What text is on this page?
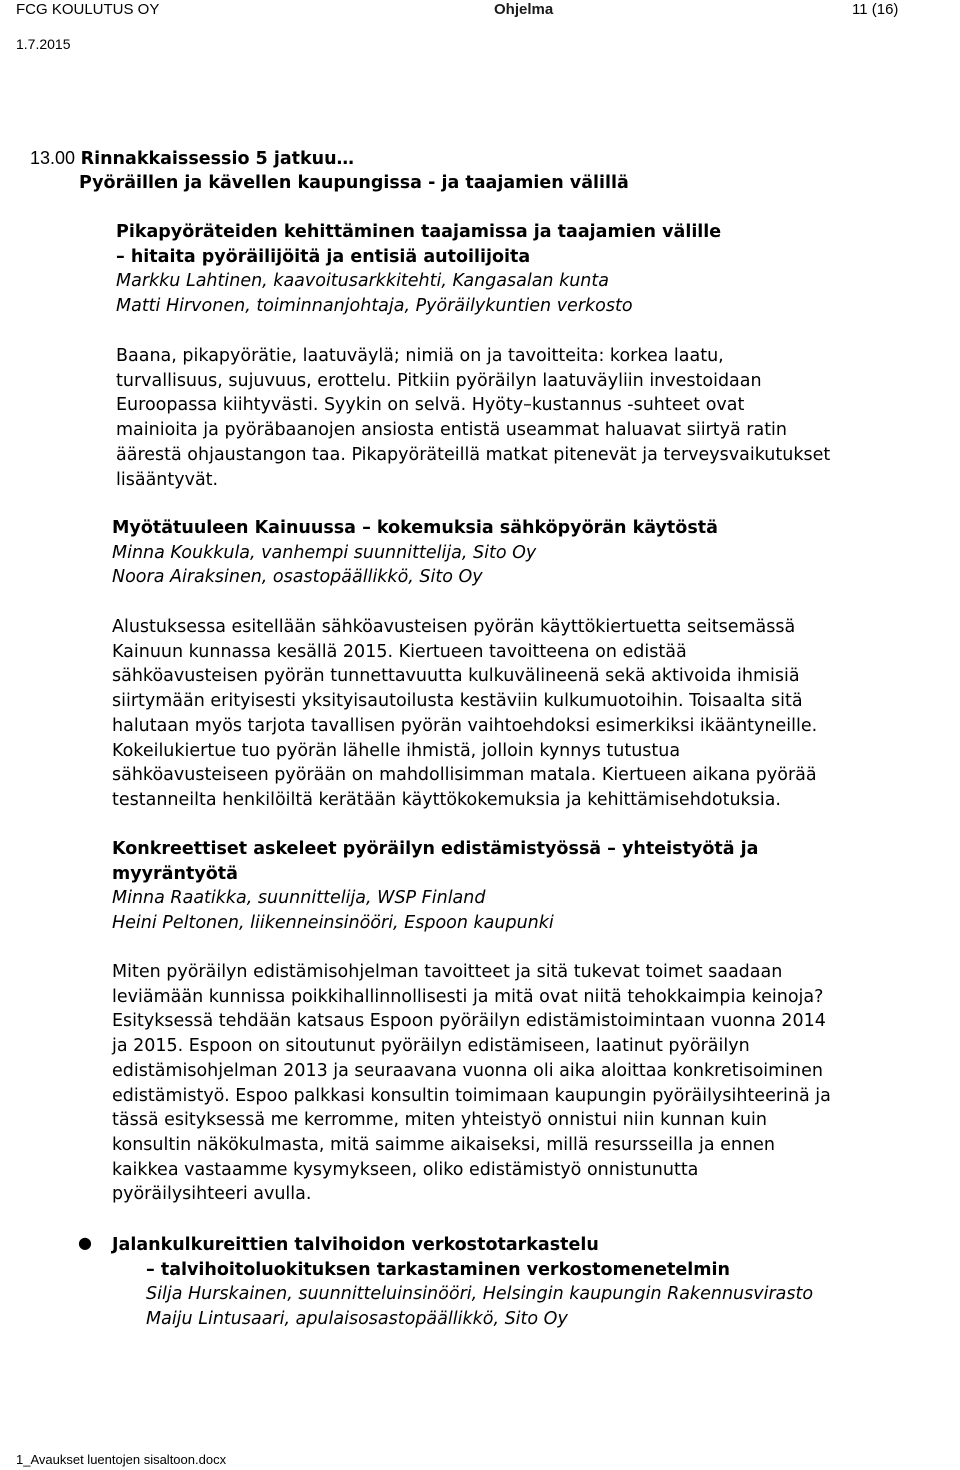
FCG KOULUTUS OY	Ohjelma	11 (16)
1.7.2015
13.00 Rinnakkaissessio 5 jatkuu…
Pyöräillen ja kävellen kaupungissa - ja taajamien välillä
Pikapyöräteiden kehittäminen taajamissa ja taajamien välille
– hitaita pyöräilijöitä ja entisiä autoilijoita
Markku Lahtinen, kaavoitusarkkitehti, Kangasalan kunta
Matti Hirvonen, toiminnanjohtaja, Pyöräilykuntien verkosto
Baana, pikapyörätie, laatuväylä; nimiä on ja tavoitteita: korkea laatu,
turvallisuus, sujuvuus, erottelu. Pitkiin pyöräilyn laatuväyliin investoidaan
Euroopassa kiihtyvästi. Syykin on selvä. Hyöty–kustannus -suhteet ovat
mainioita ja pyöräbaanojen ansiosta entistä useammat haluavat siirtyä ratin
äärestä ohjaustangon taa. Pikapyöräteillä matkat pitenevät ja terveysvaikutukset
lisääntyvät.
Myötätuuleen Kainuussa – kokemuksia sähköpyörän käytöstä
Minna Koukkula, vanhempi suunnittelija, Sito Oy
Noora Airaksinen, osastopäällikkö, Sito Oy
Alustuksessa esitellään sähköavusteisen pyörän käyttökiertuetta seitsemässä
Kainuun kunnassa kesällä 2015. Kiertueen tavoitteena on edistää
sähköavusteisen pyörän tunnettavuutta kulkuvälineenä sekä aktivoida ihmisiä
siirtymään erityisesti yksityisautoilusta kestäviin kulkumuotoihin. Toisaalta sitä
halutaan myös tarjota tavallisen pyörän vaihtoehdoksi esimerkiksi ikääntyneille.
Kokeilukiertue tuo pyörän lähelle ihmistä, jolloin kynnys tutustua
sähköavusteiseen pyörään on mahdollisimman matala. Kiertueen aikana pyörää
testanneilta henkilöiltä kerätään käyttökokemuksia ja kehittämisehdotuksia.
Konkreettiset askeleet pyöräilyn edistämistyössä – yhteistyötä ja
myyräntyötä
Minna Raatikka, suunnittelija, WSP Finland
Heini Peltonen, liikenneinsinööri, Espoon kaupunki
Miten pyöräilyn edistämisohjelman tavoitteet ja sitä tukevat toimet saadaan
leviämään kunnissa poikkihallinnollisesti ja mitä ovat niitä tehokkaimpia keinoja?
Esityksessä tehdään katsaus Espoon pyöräilyn edistämistoimintaan vuonna 2014
ja 2015. Espoon on sitoutunut pyöräilyn edistämiseen, laatinut pyöräilyn
edistämisohjelman 2013 ja seuraavana vuonna oli aika aloittaa konkretisoiminen
edistämistyö. Espoo palkkasi konsultin toimimaan kaupungin pyöräilysihteerinä ja
tässä esityksessä me kerromme, miten yhteistyö onnistui niin kunnan kuin
konsultin näkökulmasta, mitä saimme aikaiseksi, millä resursseilla ja ennen
kaikkea vastaamme kysymykseen, oliko edistämistyö onnistunutta
pyöräilysihteeri avulla.
● Jalankulkureittien talvihoidon verkostotarkastelu
– talvihoitoluokituksen tarkastaminen verkostomenetelmin
Silja Hurskainen, suunnitteluinsinööri, Helsingin kaupungin Rakennusvirasto
Maiju Lintusaari, apulaisosastopäällikkö, Sito Oy
1_Avaukset luentojen sisaltoon.docx
